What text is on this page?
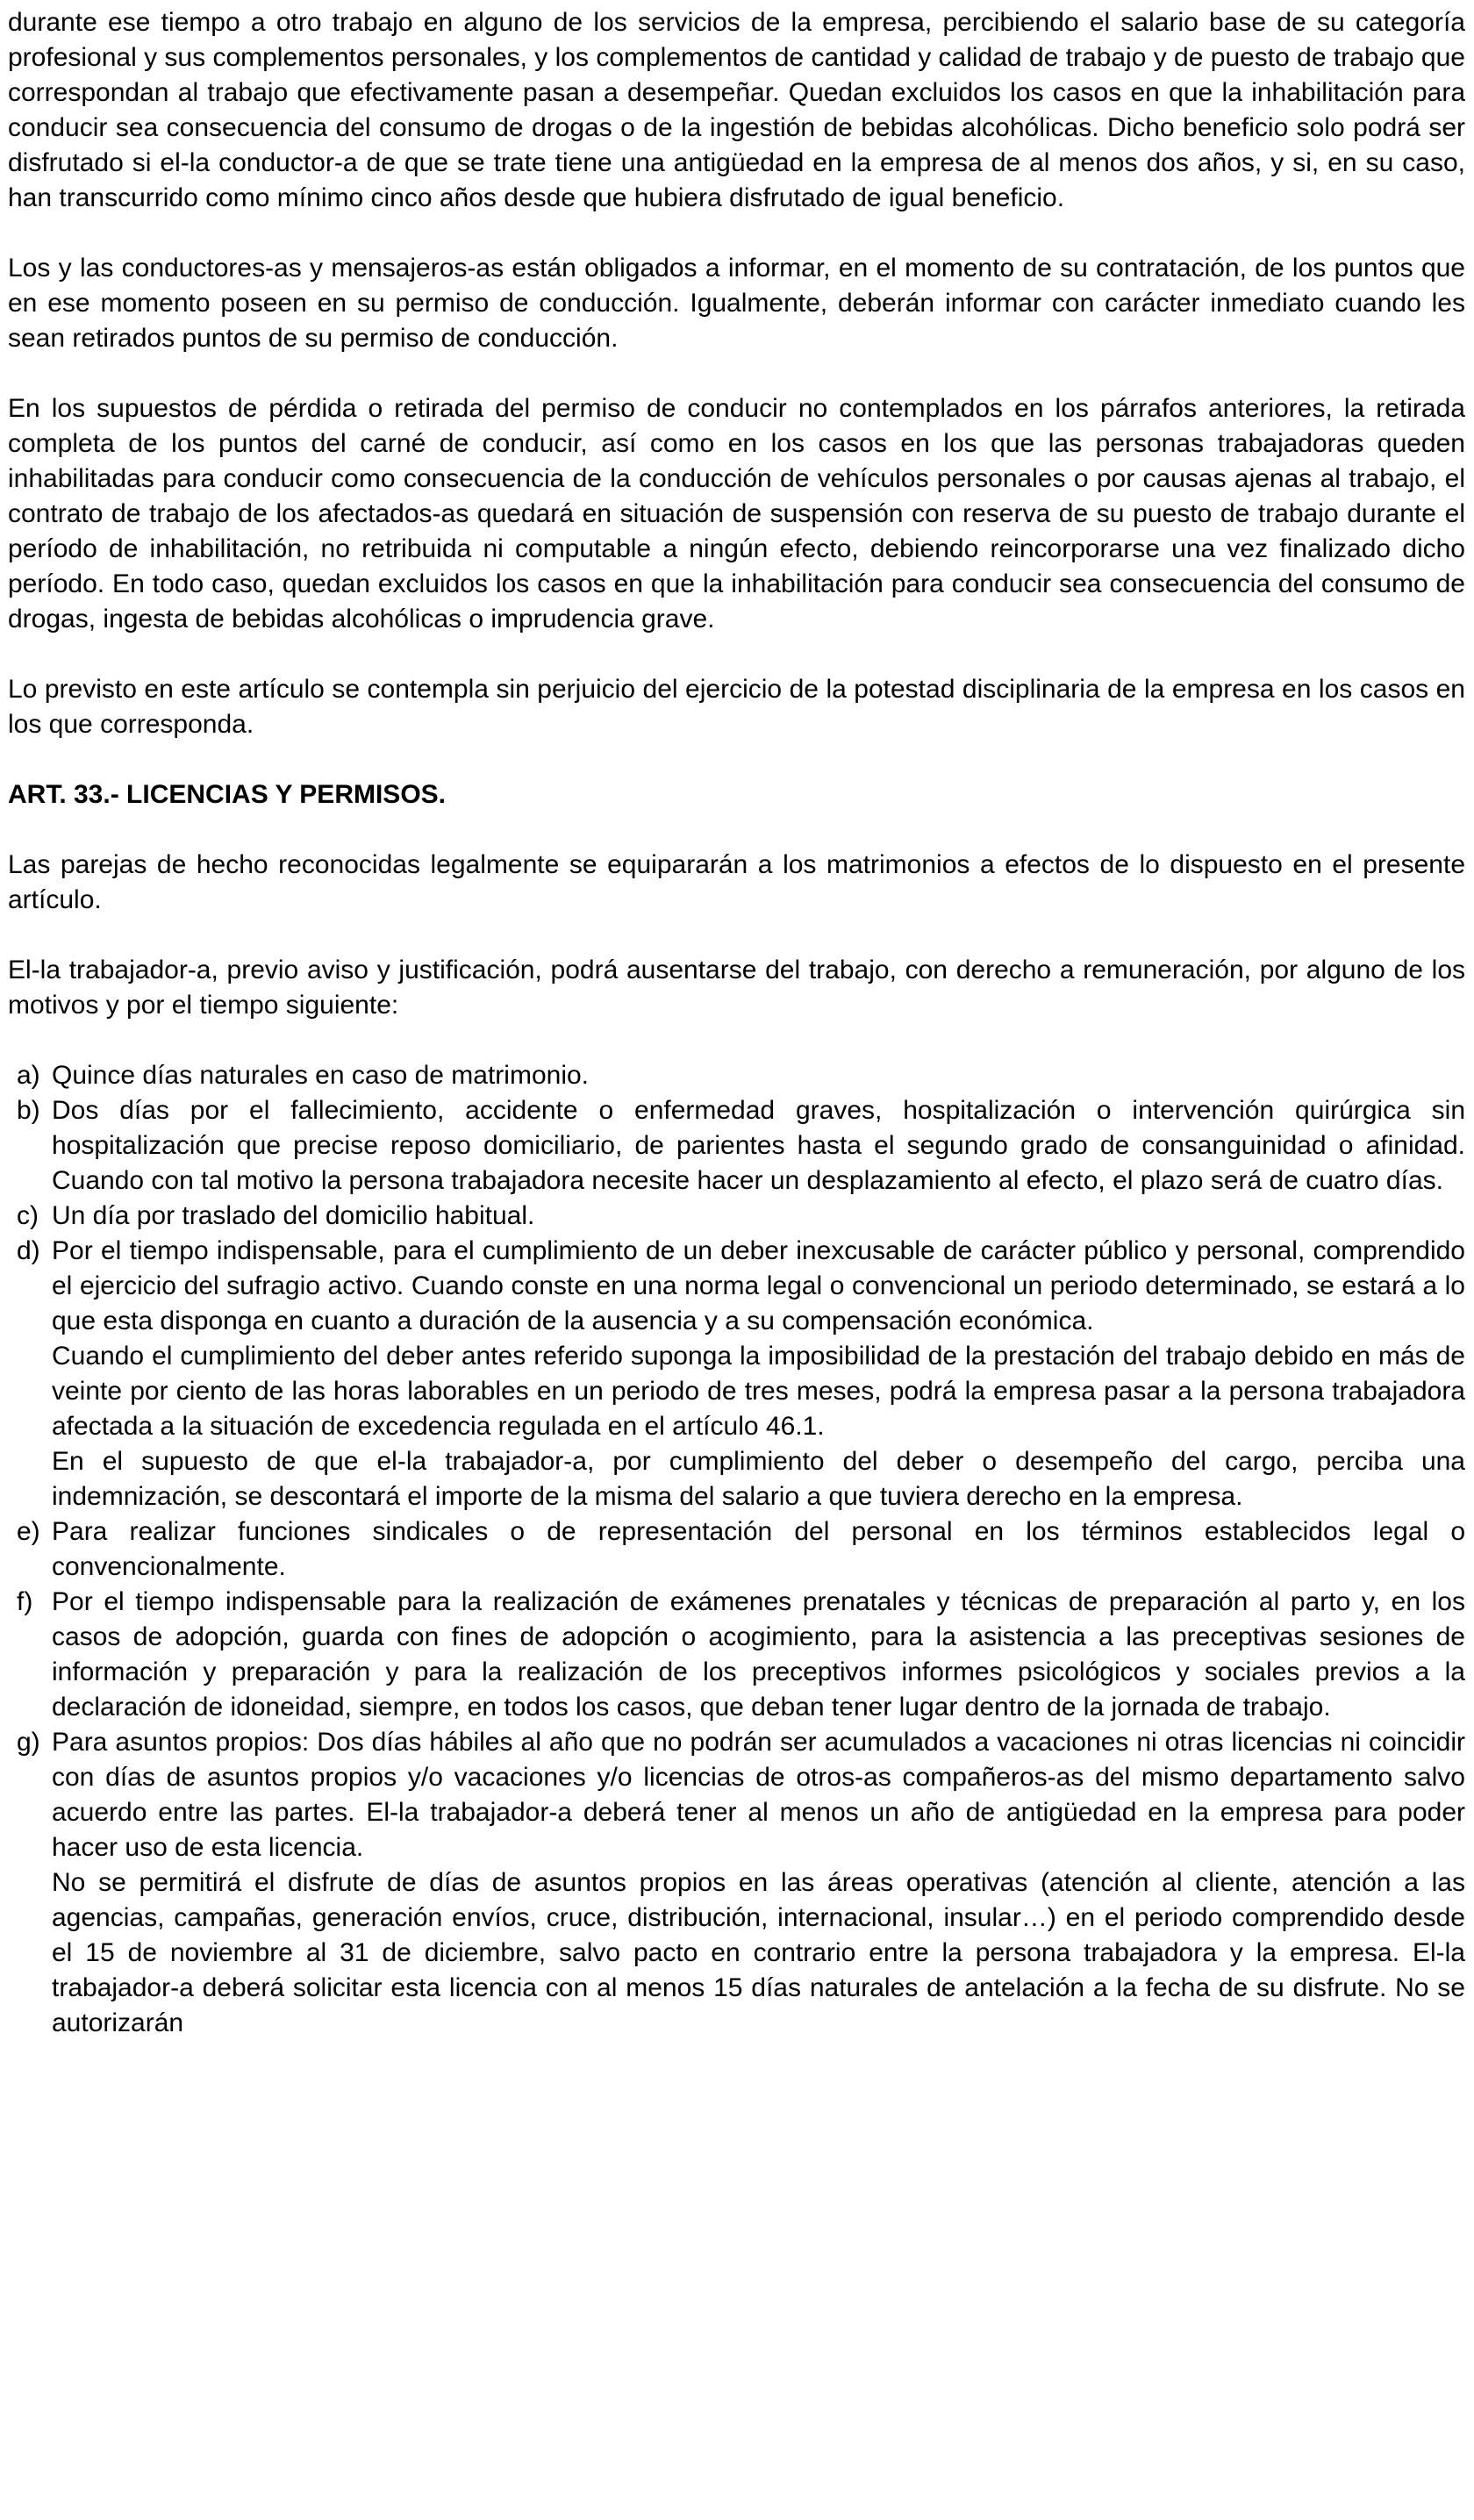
durante ese tiempo a otro trabajo en alguno de los servicios de la empresa, percibiendo el salario base de su categoría profesional y sus complementos personales, y los complementos de cantidad y calidad de trabajo y de puesto de trabajo que correspondan al trabajo que efectivamente pasan a desempeñar. Quedan excluidos los casos en que la inhabilitación para conducir sea consecuencia del consumo de drogas o de la ingestión de bebidas alcohólicas. Dicho beneficio solo podrá ser disfrutado si el-la conductor-a de que se trate tiene una antigüedad en la empresa de al menos dos años, y si, en su caso, han transcurrido como mínimo cinco años desde que hubiera disfrutado de igual beneficio.

Los y las conductores-as y mensajeros-as están obligados a informar, en el momento de su contratación, de los puntos que en ese momento poseen en su permiso de conducción. Igualmente, deberán informar con carácter inmediato cuando les sean retirados puntos de su permiso de conducción.

En los supuestos de pérdida o retirada del permiso de conducir no contemplados en los párrafos anteriores, la retirada completa de los puntos del carné de conducir, así como en los casos en los que las personas trabajadoras queden inhabilitadas para conducir como consecuencia de la conducción de vehículos personales o por causas ajenas al trabajo, el contrato de trabajo de los afectados-as quedará en situación de suspensión con reserva de su puesto de trabajo durante el período de inhabilitación, no retribuida ni computable a ningún efecto, debiendo reincorporarse una vez finalizado dicho período. En todo caso, quedan excluidos los casos en que la inhabilitación para conducir sea consecuencia del consumo de drogas, ingesta de bebidas alcohólicas o imprudencia grave.

Lo previsto en este artículo se contempla sin perjuicio del ejercicio de la potestad disciplinaria de la empresa en los casos en los que corresponda.

ART. 33.- LICENCIAS Y PERMISOS.

Las parejas de hecho reconocidas legalmente se equipararán a los matrimonios a efectos de lo dispuesto en el presente artículo.

El-la trabajador-a, previo aviso y justificación, podrá ausentarse del trabajo, con derecho a remuneración, por alguno de los motivos y por el tiempo siguiente:

a) Quince días naturales en caso de matrimonio.

b) Dos días por el fallecimiento, accidente o enfermedad graves, hospitalización o intervención quirúrgica sin hospitalización que precise reposo domiciliario, de parientes hasta el segundo grado de consanguinidad o afinidad. Cuando con tal motivo la persona trabajadora necesite hacer un desplazamiento al efecto, el plazo será de cuatro días.

c) Un día por traslado del domicilio habitual.

d) Por el tiempo indispensable, para el cumplimiento de un deber inexcusable de carácter público y personal, comprendido el ejercicio del sufragio activo. Cuando conste en una norma legal o convencional un periodo determinado, se estará a lo que esta disponga en cuanto a duración de la ausencia y a su compensación económica.

Cuando el cumplimiento del deber antes referido suponga la imposibilidad de la prestación del trabajo debido en más de veinte por ciento de las horas laborables en un periodo de tres meses, podrá la empresa pasar a la persona trabajadora afectada a la situación de excedencia regulada en el artículo 46.1.

En el supuesto de que el-la trabajador-a, por cumplimiento del deber o desempeño del cargo, perciba una indemnización, se descontará el importe de la misma del salario a que tuviera derecho en la empresa.

e) Para realizar funciones sindicales o de representación del personal en los términos establecidos legal o convencionalmente.

f) Por el tiempo indispensable para la realización de exámenes prenatales y técnicas de preparación al parto y, en los casos de adopción, guarda con fines de adopción o acogimiento, para la asistencia a las preceptivas sesiones de información y preparación y para la realización de los preceptivos informes psicológicos y sociales previos a la declaración de idoneidad, siempre, en todos los casos, que deban tener lugar dentro de la jornada de trabajo.

g) Para asuntos propios: Dos días hábiles al año que no podrán ser acumulados a vacaciones ni otras licencias ni coincidir con días de asuntos propios y/o vacaciones y/o licencias de otros-as compañeros-as del mismo departamento salvo acuerdo entre las partes. El-la trabajador-a deberá tener al menos un año de antigüedad en la empresa para poder hacer uso de esta licencia.

No se permitirá el disfrute de días de asuntos propios en las áreas operativas (atención al cliente, atención a las agencias, campañas, generación envíos, cruce, distribución, internacional, insular…) en el periodo comprendido desde el 15 de noviembre al 31 de diciembre, salvo pacto en contrario entre la persona trabajadora y la empresa. El-la trabajador-a deberá solicitar esta licencia con al menos 15 días naturales de antelación a la fecha de su disfrute. No se autorizarán
